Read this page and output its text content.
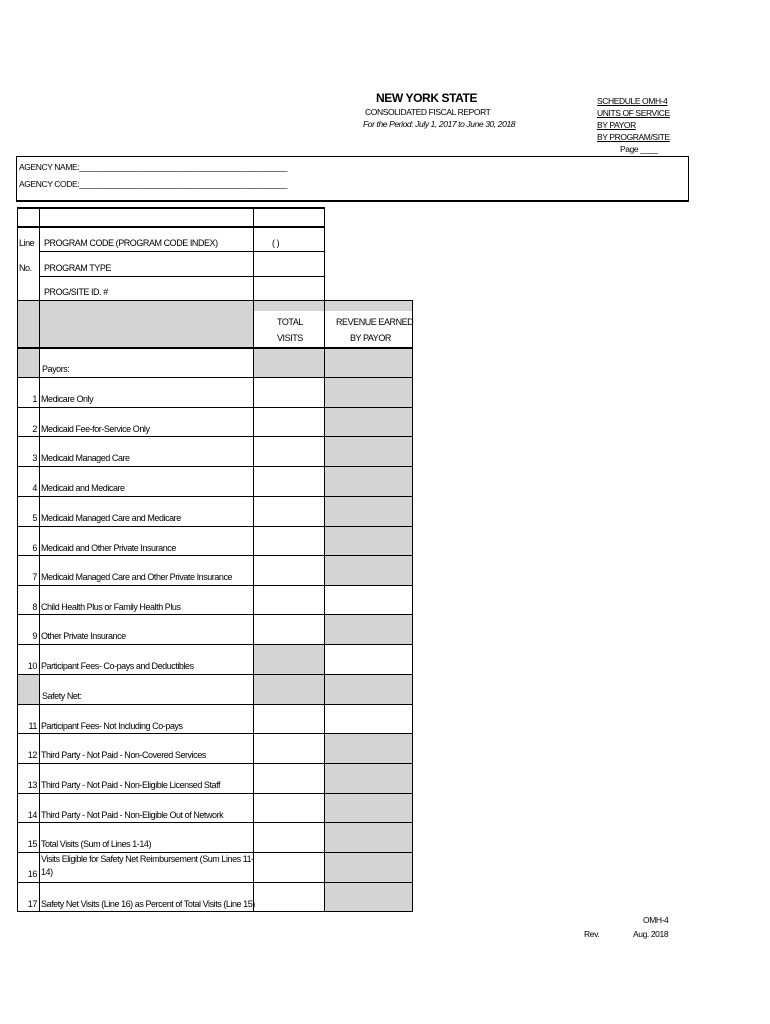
NEW YORK STATE
CONSOLIDATED FISCAL REPORT
For the Period: July 1, 2017 to June 30, 2018
SCHEDULE OMH-4
UNITS OF SERVICE
BY PAYOR
BY PROGRAM/SITE
Page ____
AGENCY NAME:________________________________________________
AGENCY CODE:________________________________________________
Line
No.
PROGRAM CODE (PROGRAM CODE INDEX)	( )
PROGRAM TYPE
PROG/SITE ID. #
TOTAL
VISITS
REVENUE EARNED
BY PAYOR
Payors:
Safety Net:
1 Medicare Only
2 Medicaid Fee-for-Service Only
3 Medicaid Managed Care
4 Medicaid and Medicare
5 Medicaid Managed Care and Medicare
6 Medicaid and Other Private Insurance
7 Medicaid Managed Care and Other Private Insurance
8 Child Health Plus or Family Health Plus
9 Other Private Insurance
10 Participant Fees- Co-pays and Deductibles
11 Participant Fees- Not Including Co-pays
12 Third Party - Not Paid - Non-Covered Services
13 Third Party - Not Paid - Non-Eligible Licensed Staff
14 Third Party - Not Paid - Non-Eligible Out of Network
15 Total Visits (Sum of Lines 1-14)
14)
16
Visits Eligible for Safety Net Reimbursement (Sum Lines 11-
17 Safety Net Visits (Line 16) as Percent of Total Visits (Line 15)
OMH-4
Rev.	Aug. 2018
